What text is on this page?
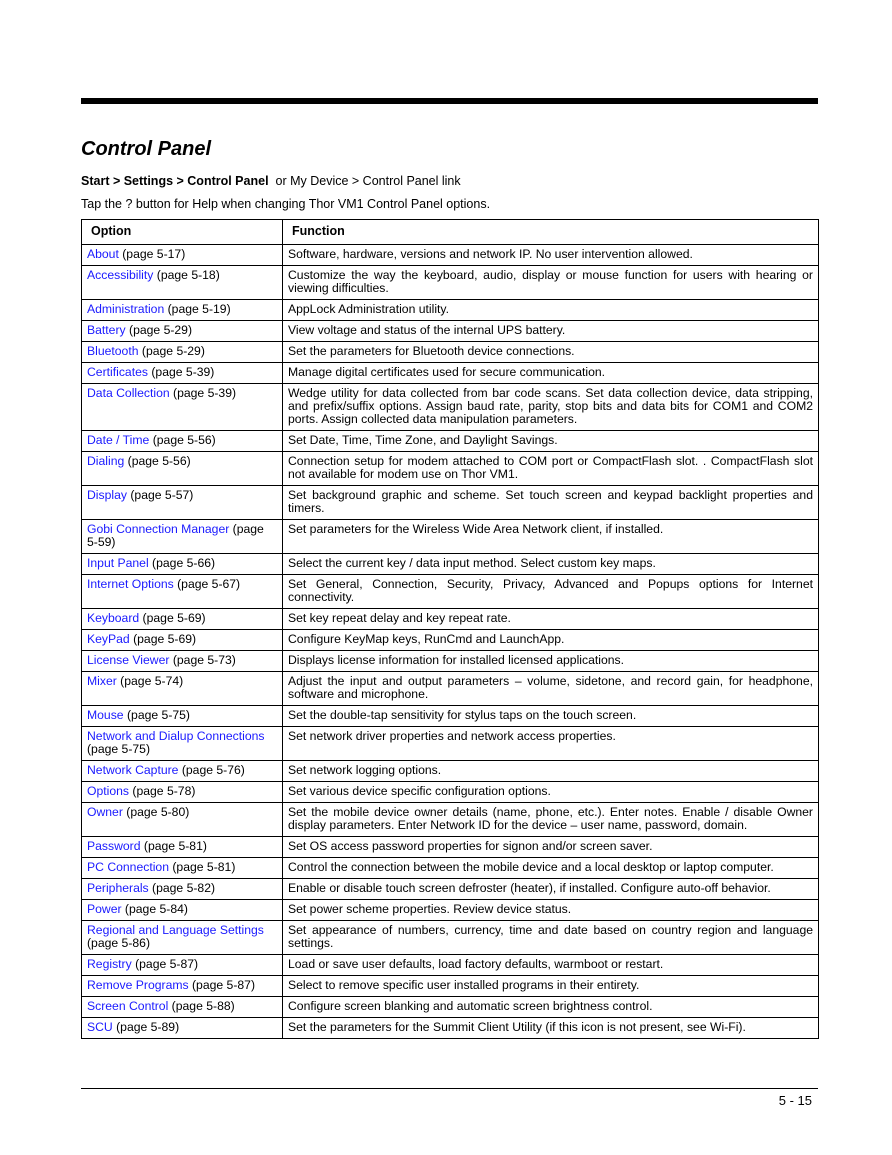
Control Panel
Start > Settings > Control Panel  or My Device > Control Panel link
Tap the ? button for Help when changing Thor VM1 Control Panel options.
Option	Function
About (page 5-17)	Software, hardware, versions and network IP. No user intervention allowed.
Accessibility (page 5-18)	Customize the way the keyboard, audio, display or mouse function for users with hearing or viewing difficulties.
Administration (page 5-19)	AppLock Administration utility.
Battery (page 5-29)	View voltage and status of the internal UPS battery.
Bluetooth (page 5-29)	Set the parameters for Bluetooth device connections.
Certificates (page 5-39)	Manage digital certificates used for secure communication.
Data Collection (page 5-39)	Wedge utility for data collected from bar code scans. Set data collection device, data stripping, and prefix/suffix options. Assign baud rate, parity, stop bits and data bits for COM1 and COM2 ports. Assign collected data manipulation parameters.
Date / Time (page 5-56)	Set Date, Time, Time Zone, and Daylight Savings.
Dialing (page 5-56)	Connection setup for modem attached to COM port or CompactFlash slot. . CompactFlash slot not available for modem use on Thor VM1.
Display (page 5-57)	Set background graphic and scheme. Set touch screen and keypad backlight properties and timers.
Gobi Connection Manager (page 5-59)	Set parameters for the Wireless Wide Area Network client, if installed.
Input Panel (page 5-66)	Select the current key / data input method. Select custom key maps.
Internet Options (page 5-67)	Set General, Connection, Security, Privacy, Advanced and Popups options for Internet connectivity.
Keyboard (page 5-69)	Set key repeat delay and key repeat rate.
KeyPad (page 5-69)	Configure KeyMap keys, RunCmd and LaunchApp.
License Viewer (page 5-73)	Displays license information for installed licensed applications.
Mixer (page 5-74)	Adjust the input and output parameters – volume, sidetone, and record gain, for headphone, software and microphone.
Mouse (page 5-75)	Set the double-tap sensitivity for stylus taps on the touch screen.
Network and Dialup Connections (page 5-75)	Set network driver properties and network access properties.
Network Capture (page 5-76)	Set network logging options.
Options (page 5-78)	Set various device specific configuration options.
Owner (page 5-80)	Set the mobile device owner details (name, phone, etc.). Enter notes. Enable / disable Owner display parameters. Enter Network ID for the device – user name, password, domain.
Password (page 5-81)	Set OS access password properties for signon and/or screen saver.
PC Connection (page 5-81)	Control the connection between the mobile device and a local desktop or laptop computer.
Peripherals (page 5-82)	Enable or disable touch screen defroster (heater), if installed. Configure auto-off behavior.
Power (page 5-84)	Set power scheme properties. Review device status.
Regional and Language Settings (page 5-86)	Set appearance of numbers, currency, time and date based on country region and language settings.
Registry (page 5-87)	Load or save user defaults, load factory defaults, warmboot or restart.
Remove Programs (page 5-87)	Select to remove specific user installed programs in their entirety.
Screen Control (page 5-88)	Configure screen blanking and automatic screen brightness control.
SCU (page 5-89)	Set the parameters for the Summit Client Utility (if this icon is not present, see Wi-Fi).
5 - 15
